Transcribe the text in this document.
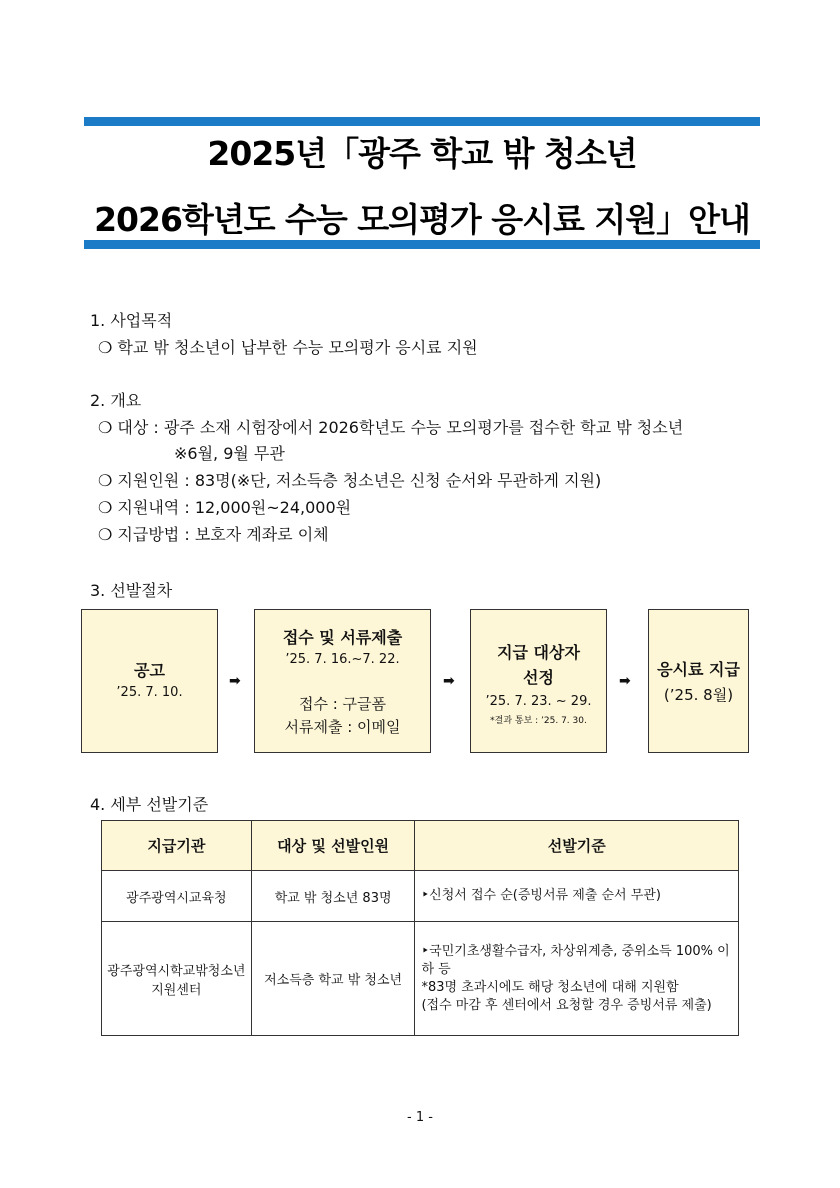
2025년「광주 학교 밖 청소년
2026학년도 수능 모의평가 응시료 지원」안내
1. 사업목적
❍ 학교 밖 청소년이 납부한 수능 모의평가 응시료 지원
2. 개요
❍ 대상 : 광주 소재 시험장에서 2026학년도 수능 모의평가를 접수한 학교 밖 청소년
※6월, 9월 무관
❍ 지원인원 : 83명(※단, 저소득층 청소년은 신청 순서와 무관하게 지원)
❍ 지원내역 : 12,000원~24,000원
❍ 지급방법 : 보호자 계좌로 이체
3. 선발절차
공고
’25. 7. 10.
➡
접수 및 서류제출
’25. 7. 16.~7. 22.
접수 : 구글폼
서류제출 : 이메일
➡
지급 대상자
선정
’25. 7. 23. ~ 29.
*결과 통보 : ’25. 7. 30.
➡
응시료 지급
(’25. 8월)
4. 세부 선발기준
지급기관	대상 및 선발인원	선발기준
광주광역시교육청	학교 밖 청소년 83명	‣신청서 접수 순(증빙서류 제출 순서 무관)
광주광역시학교밖청소년지원센터	저소득층 학교 밖 청소년	‣국민기초생활수급자, 차상위계층, 중위소득 100% 이하 등
*83명 초과시에도 해당 청소년에 대해 지원함
(접수 마감 후 센터에서 요청할 경우 증빙서류 제출)
- 1 -
